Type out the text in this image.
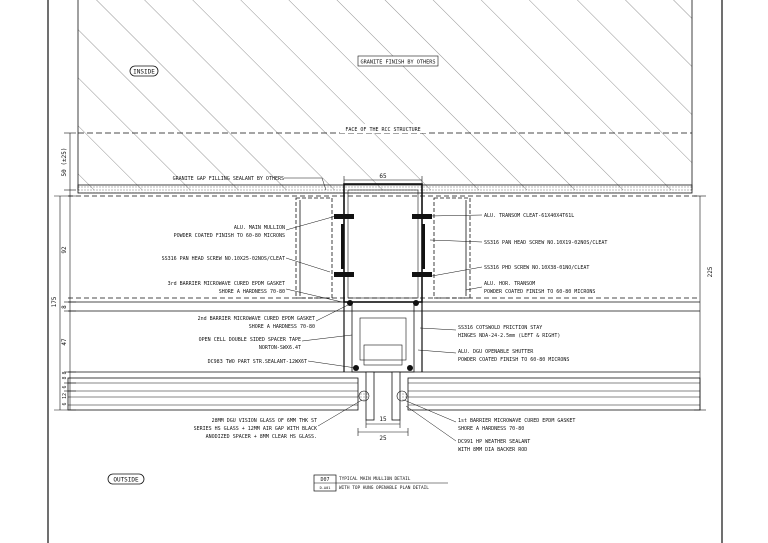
50 (±25)
92
175 8
47
8
6
12
6
8
225
65
15
25
INSIDE
OUTSIDE
GRANITE FINISH BY OTHERS
FACE OF THE RCC STRUCTURE
GRANITE GAP FILLING SEALANT BY OTHERS
ALU. MAIN MULLION
POWDER COATED FINISH TO 60-80 MICRONS
SS316 PAN HEAD SCREW NO.10X25-02NOS/CLEAT
3rd BARRIER MICROWAVE CURED EPDM GASKET
SHORE A HARDNESS 70-80
2nd BARRIER MICROWAVE CURED EPDM GASKET
SHORE A HARDNESS 70-80
OPEN CELL DOUBLE SIDED SPACER TAPE
NORTON-SWX6.4T
DC983 TWO PART STR.SEALANT-12WX6T
28MM DGU VISION GLASS OF 6MM THK ST
SERIES HS GLASS + 12MM AIR GAP WITH BLACK
ANODIZED SPACER + 8MM CLEAR HS GLASS.
ALU. TRANSOM CLEAT-61X40X4T61L
SS316 PAN HEAD SCREW NO.10X19-02NOS/CLEAT
SS316 PHD SCREW NO.10X38-01NO/CLEAT
ALU. HOR. TRANSOM
POWDER COATED FINISH TO 60-80 MICRONS
SS316 COTSWOLD FRICTION STAY
HINGES NDA-24-2.5mm (LEFT & RIGHT)
ALU. DGU OPENABLE SHUTTER
POWDER COATED FINISH TO 60-80 MICRONS
1st BARRIER MICROWAVE CURED EPDM GASKET
SHORE A HARDNESS 70-80
DC991 HP WEATHER SEALANT
WITH 8MM DIA BACKER ROD
D07
D-A01
TYPICAL MAIN MULLION DETAIL
WITH TOP HUNG OPENABLE PLAN DETAIL
